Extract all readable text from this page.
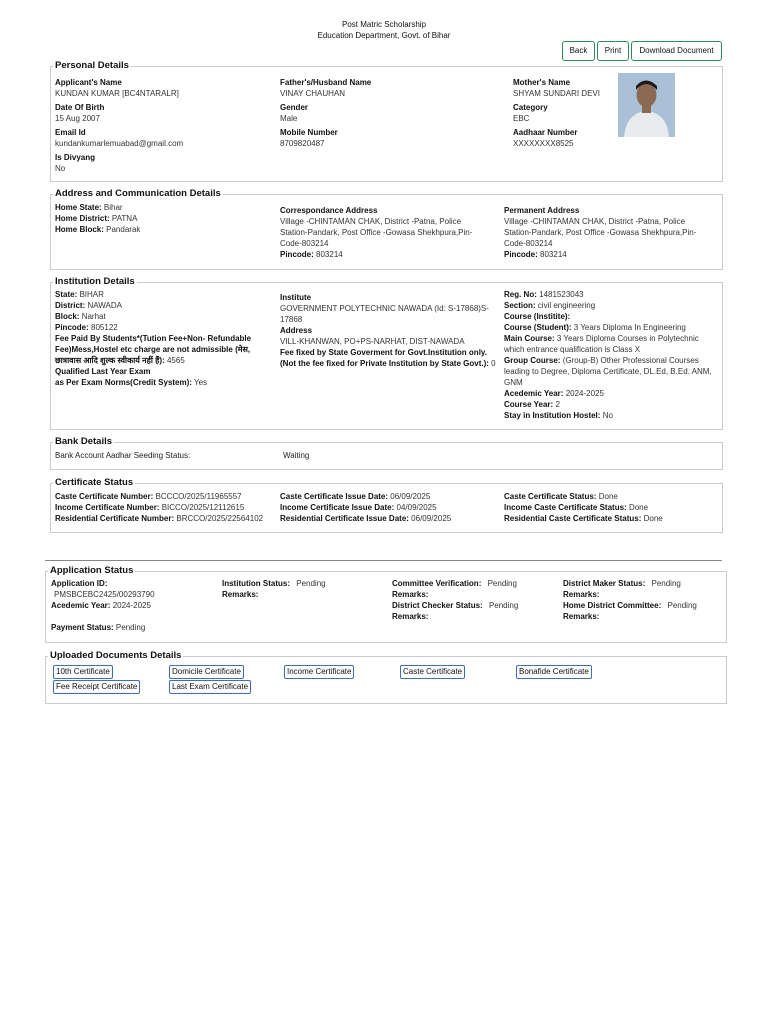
Post Matric Scholarship
Education Department, Govt. of Bihar
Back	Print	Download Document
Personal Details
Applicant's Name
KUNDAN KUMAR [BC4NTARALR]
Date Of Birth
15 Aug 2007
Email Id
kundankumarlemuabad@gmail.com
Is Divyang
No
Father's/Husband Name
VINAY CHAUHAN
Gender
Male
Mobile Number
8709820487
Mother's Name
SHYAM SUNDARI DEVI
Category
EBC
Aadhaar Number
XXXXXXXX8525
Address and Communication Details
Home State: Bihar
Home District: PATNA
Home Block: Pandarak
Correspondance Address
Village -CHINTAMAN CHAK, District -Patna, Police Station-Pandark, Post Office -Gowasa Shekhpura,Pin-Code-803214
Pincode: 803214
Permanent Address
Village -CHINTAMAN CHAK, District -Patna, Police Station-Pandark, Post Office -Gowasa Shekhpura,Pin-Code-803214
Pincode: 803214
Institution Details
State: BIHAR
District: NAWADA
Block: Narhat
Pincode: 805122
Fee Paid By Students*(Tution Fee+Non- Refundable Fee)Mess,Hostel etc charge are not admissible (मेस, छात्रावास आदि शुल्क स्वीकार्य नहीं हैं): 4565
Qualified Last Year Exam
as Per Exam Norms(Credit System): Yes
Institute
GOVERNMENT POLYTECHNIC NAWADA (Id: S-17868)S-17868
Address
VILL-KHANWAN, PO+PS-NARHAT, DIST-NAWADA
Fee fixed by State Goverment for Govt.Institution only.
(Not the fee fixed for Private Institution by State Govt.): 0
Reg. No: 1481523043
Section: civil engineering
Course (Institite):
Course (Student): 3 Years Diploma In Engineering
Main Course: 3 Years Diploma Courses in Polytechnic which entrance qualification is Class X
Group Course: (Group-B) Other Professional Courses leading to Degree, Diploma Certificate, DL.Ed, B.Ed. ANM, GNM
Acedemic Year: 2024-2025
Course Year: 2
Stay in Institution Hostel: No
Bank Details
Bank Account Aadhar Seeding Status:	Waiting
Certificate Status
Caste Certificate Number: BCCCO/2025/11965557
Income Certificate Number: BICCO/2025/12112615
Residential Certificate Number: BRCCO/2025/22564102
Caste Certificate Issue Date: 06/09/2025
Income Certificate Issue Date: 04/09/2025
Residential Certificate Issue Date: 06/09/2025
Caste Certificate Status: Done
Income Caste Certificate Status: Done
Residential Caste Certificate Status: Done
Application Status
Application ID:
PMSBCEBC2425/00293790
Acedemic Year: 2024-2025
Payment Status: Pending
Institution Status: Pending
Remarks:
Committee Verification: Pending
Remarks:
District Checker Status: Pending
Remarks:
District Maker Status: Pending
Remarks:
Home District Committee: Pending
Remarks:
Uploaded Documents Details
10th Certificate	Domicile Certificate	Income Certificate	Caste Certificate	Bonafide Certificate
Fee Receipt Certificate	Last Exam Certificate
